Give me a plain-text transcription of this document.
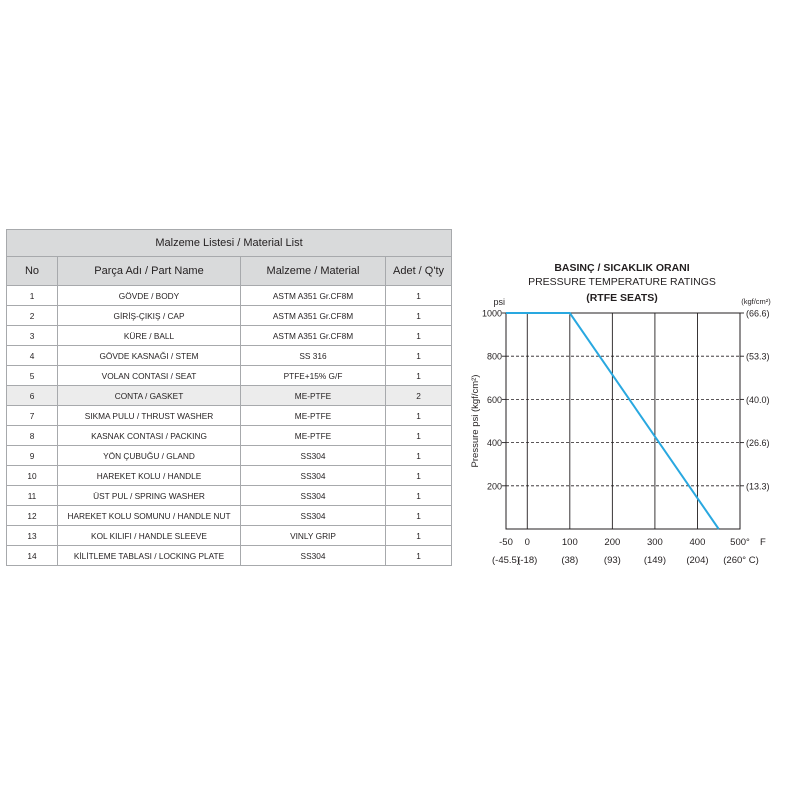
Malzeme Listesi / Material List			
No	Parça Adı / Part Name	Malzeme / Material	Adet / Q'ty
1	GÖVDE / BODY	ASTM A351 Gr.CF8M	1
2	GİRİŞ-ÇIKIŞ / CAP	ASTM A351 Gr.CF8M	1
3	KÜRE / BALL	ASTM A351 Gr.CF8M	1
4	GÖVDE KASNAĞI / STEM	SS 316	1
5	VOLAN CONTASI / SEAT	PTFE+15% G/F	1
6	CONTA / GASKET	ME-PTFE	2
7	SIKMA PULU / THRUST WASHER	ME-PTFE	1
8	KASNAK CONTASI / PACKING	ME-PTFE	1
9	YÖN ÇUBUĞU / GLAND	SS304	1
10	HAREKET KOLU / HANDLE	SS304	1
11	ÜST PUL / SPRING WASHER	SS304	1
12	HAREKET KOLU SOMUNU / HANDLE NUT	SS304	1
13	KOL KILIFI / HANDLE SLEEVE	VINLY GRIP	1
14	KİLİTLEME TABLASI / LOCKING PLATE	SS304	1
BASINÇ / SICAKLIK ORANI
PRESSURE TEMPERATURE RATINGS
(RTFE SEATS)
psi	(kgf/cm²)
F
(260° C)
Pressure psi (kgf/cm²)
1000	(66.6)
800	(53.3)
600	(40.0)
400	(26.6)
200	(13.3)
-50
(-45.5)
0
(-18)
100
(38)
200
(93)
300
(149)
400
(204)
500°
